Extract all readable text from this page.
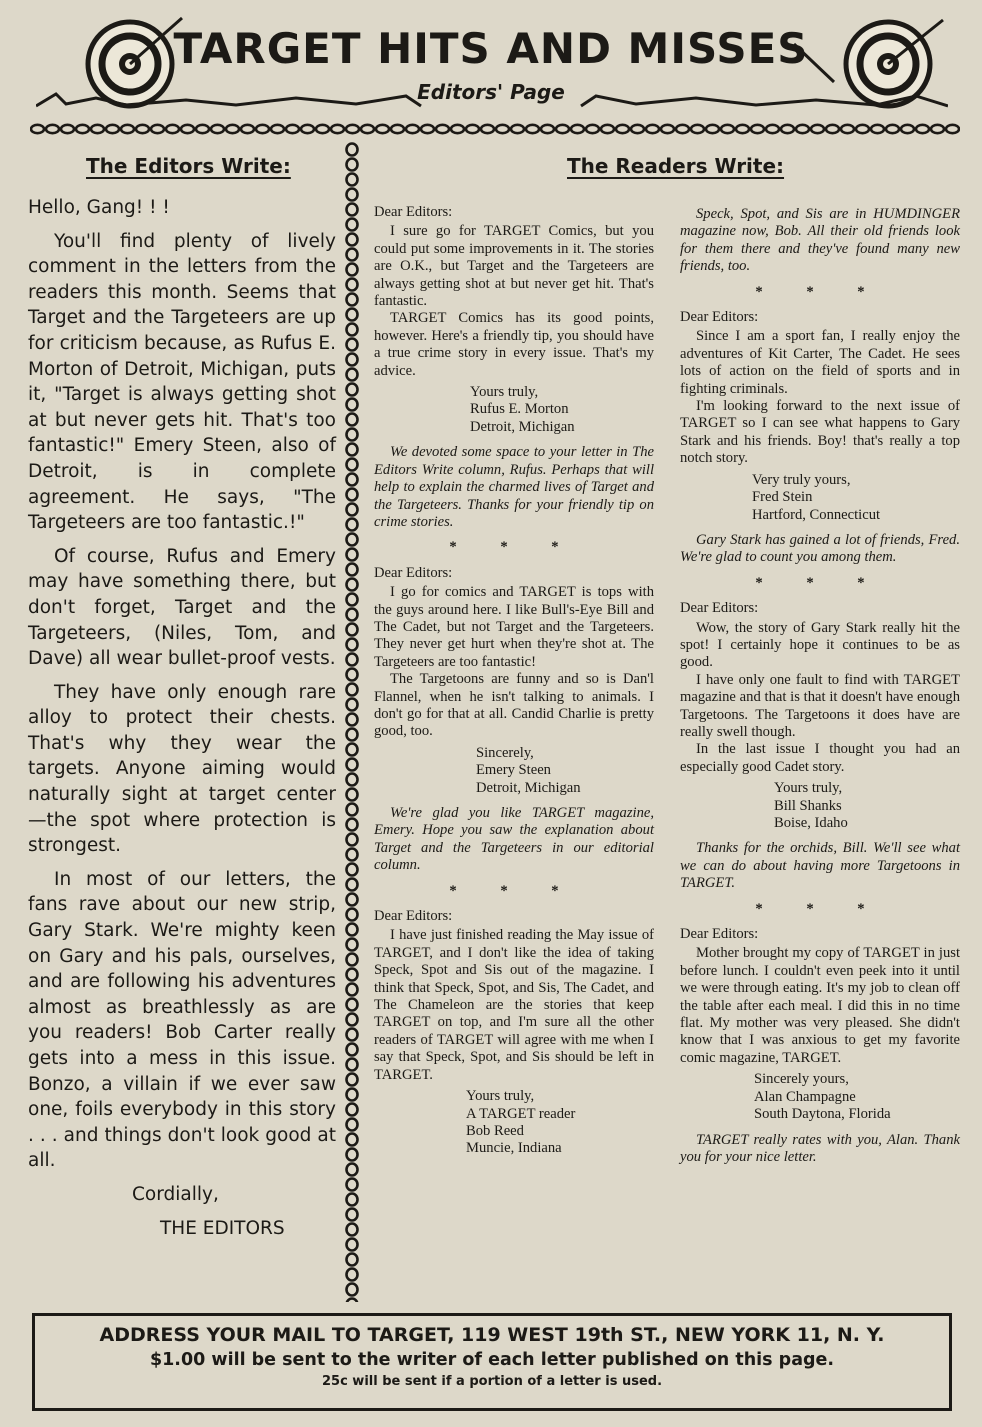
TARGET HITS AND MISSES
Editors' Page
The Editors Write:

Hello, Gang! ! !

You'll find plenty of lively comment in the letters from the readers this month. Seems that Target and the Targeteers are up for criticism because, as Rufus E. Morton of Detroit, Michigan, puts it, "Target is always getting shot at but never gets hit. That's too fantastic!" Emery Steen, also of Detroit, is in complete agreement. He says, "The Targeteers are too fantastic.!"

Of course, Rufus and Emery may have something there, but don't forget, Target and the Targeteers, (Niles, Tom, and Dave) all wear bullet-proof vests.

They have only enough rare alloy to protect their chests. That's why they wear the targets. Anyone aiming would naturally sight at target center —the spot where protection is strongest.

In most of our letters, the fans rave about our new strip, Gary Stark. We're mighty keen on Gary and his pals, ourselves, and are following his adventures almost as breathlessly as are you readers! Bob Carter really gets into a mess in this issue. Bonzo, a villain if we ever saw one, foils everybody in this story . . . and things don't look good at all.

Cordially,

THE EDITORS

The Readers Write:
Dear Editors:

I sure go for TARGET Comics, but you could put some improvements in it. The stories are O.K., but Target and the Targeteers are always getting shot at but never get hit. That's fantastic.

TARGET Comics has its good points, however. Here's a friendly tip, you should have a true crime story in every issue. That's my advice.

Yours truly,
Rufus E. Morton
Detroit, Michigan

We devoted some space to your letter in The Editors Write column, Rufus. Perhaps that will help to explain the charmed lives of Target and the Targeteers. Thanks for your friendly tip on crime stories.

* * *
Dear Editors:

I go for comics and TARGET is tops with the guys around here. I like Bull's-Eye Bill and The Cadet, but not Target and the Targeteers. They never get hurt when they're shot at. The Targeteers are too fantastic!

The Targetoons are funny and so is Dan'l Flannel, when he isn't talking to animals. I don't go for that at all. Candid Charlie is pretty good, too.

Sincerely,
Emery Steen
Detroit, Michigan

We're glad you like TARGET magazine, Emery. Hope you saw the explanation about Target and the Targeteers in our editorial column.

* * *
Dear Editors:

I have just finished reading the May issue of TARGET, and I don't like the idea of taking Speck, Spot and Sis out of the magazine. I think that Speck, Spot, and Sis, The Cadet, and The Chameleon are the stories that keep TARGET on top, and I'm sure all the other readers of TARGET will agree with me when I say that Speck, Spot, and Sis should be left in TARGET.

Yours truly,
A TARGET reader
Bob Reed
Muncie, Indiana

Speck, Spot, and Sis are in HUMDINGER magazine now, Bob. All their old friends look for them there and they've found many new friends, too.

* * *
Dear Editors:

Since I am a sport fan, I really enjoy the adventures of Kit Carter, The Cadet. He sees lots of action on the field of sports and in fighting criminals.

I'm looking forward to the next issue of TARGET so I can see what happens to Gary Stark and his friends. Boy! that's really a top notch story.

Very truly yours,
Fred Stein
Hartford, Connecticut

Gary Stark has gained a lot of friends, Fred. We're glad to count you among them.

* * *
Dear Editors:

Wow, the story of Gary Stark really hit the spot! I certainly hope it continues to be as good.

I have only one fault to find with TARGET magazine and that is that it doesn't have enough Targetoons. The Targetoons it does have are really swell though.

In the last issue I thought you had an especially good Cadet story.

Yours truly,
Bill Shanks
Boise, Idaho

Thanks for the orchids, Bill. We'll see what we can do about having more Targetoons in TARGET.

* * *
Dear Editors:

Mother brought my copy of TARGET in just before lunch. I couldn't even peek into it until we were through eating. It's my job to clean off the table after each meal. I did this in no time flat. My mother was very pleased. She didn't know that I was anxious to get my favorite comic magazine, TARGET.

Sincerely yours,
Alan Champagne
South Daytona, Florida

TARGET really rates with you, Alan. Thank you for your nice letter.

ADDRESS YOUR MAIL TO TARGET, 119 WEST 19th ST., NEW YORK 11, N. Y.
$1.00 will be sent to the writer of each letter published on this page.
25c will be sent if a portion of a letter is used.
